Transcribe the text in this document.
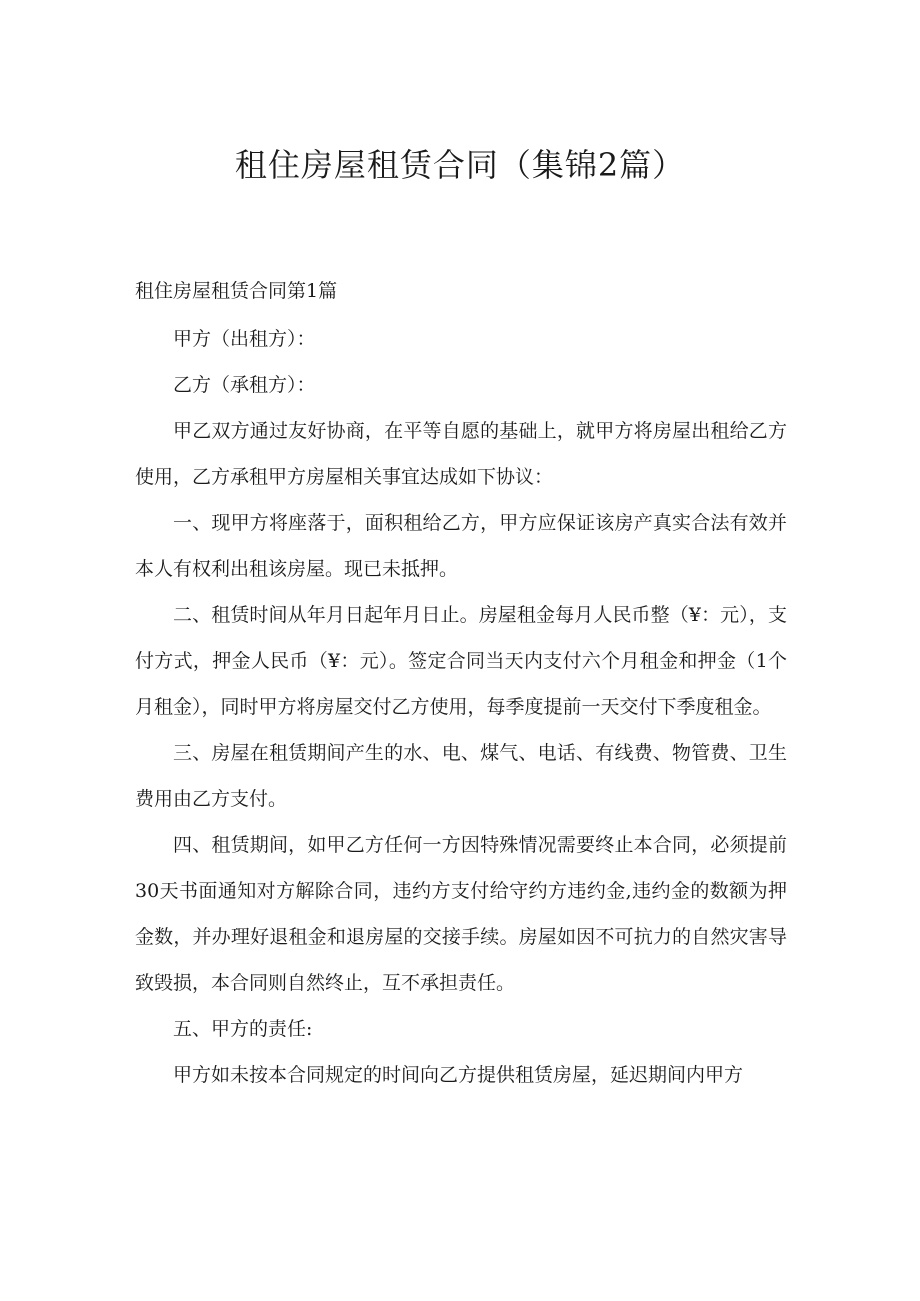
租住房屋租赁合同（集锦2篇）

租住房屋租赁合同第1篇

甲方（出租方）：

乙方（承租方）：

甲乙双方通过友好协商，在平等自愿的基础上，就甲方将房屋出租给乙方使用，乙方承租甲方房屋相关事宜达成如下协议：

一、现甲方将座落于，面积租给乙方，甲方应保证该房产真实合法有效并本人有权利出租该房屋。现已未抵押。

二、租赁时间从年月日起年月日止。房屋租金每月人民币整（¥：元），支付方式，押金人民币（¥：元）。签定合同当天内支付六个月租金和押金（1个月租金），同时甲方将房屋交付乙方使用，每季度提前一天交付下季度租金。

三、房屋在租赁期间产生的水、电、煤气、电话、有线费、物管费、卫生费用由乙方支付。

四、租赁期间，如甲乙方任何一方因特殊情况需要终止本合同，必须提前30天书面通知对方解除合同，违约方支付给守约方违约金,违约金的数额为押金数，并办理好退租金和退房屋的交接手续。房屋如因不可抗力的自然灾害导致毁损，本合同则自然终止，互不承担责任。

五、甲方的责任:

甲方如未按本合同规定的时间向乙方提供租赁房屋，延迟期间内甲方
